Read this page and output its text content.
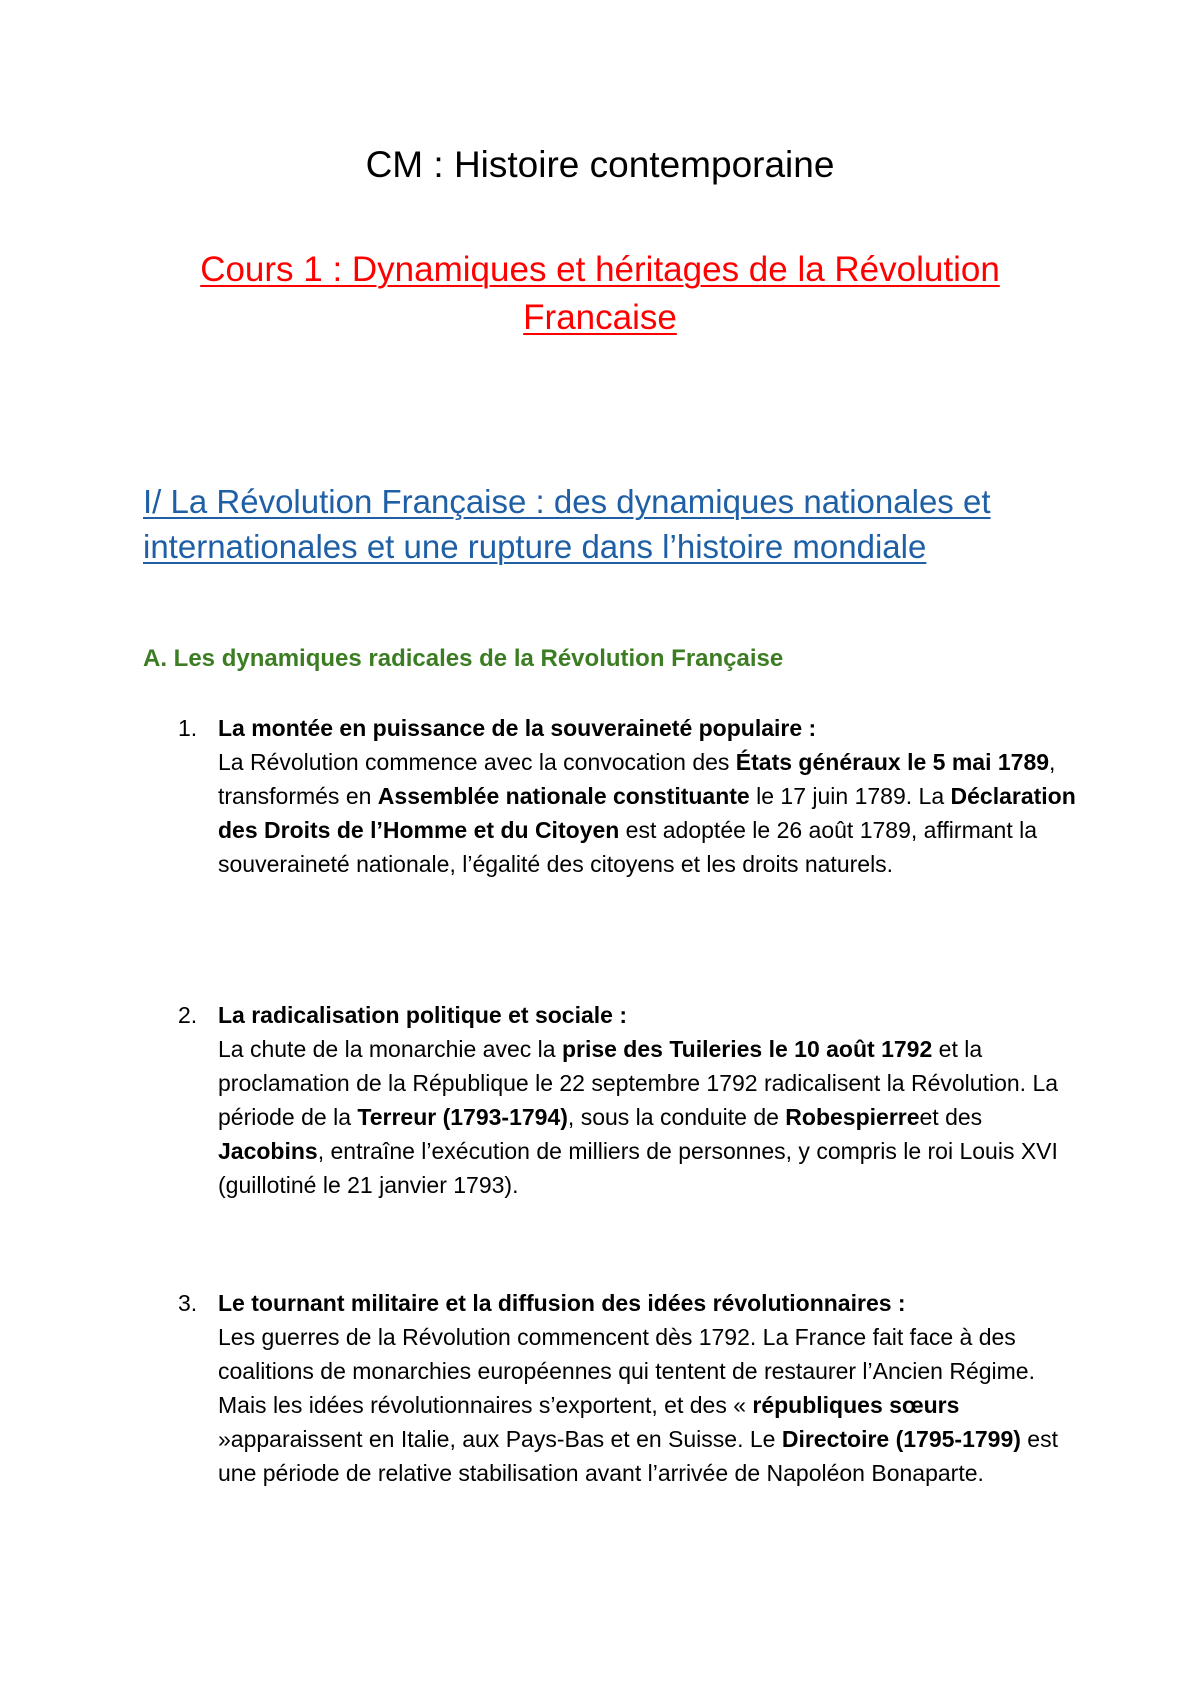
CM : Histoire contemporaine
Cours 1 : Dynamiques et héritages de la Révolution Francaise
I/ La Révolution Française : des dynamiques nationales et internationales et une rupture dans l’histoire mondiale
A. Les dynamiques radicales de la Révolution Française
1. La montée en puissance de la souveraineté populaire :
La Révolution commence avec la convocation des États généraux le 5 mai 1789, transformés en Assemblée nationale constituante le 17 juin 1789. La Déclaration des Droits de l’Homme et du Citoyen est adoptée le 26 août 1789, affirmant la souveraineté nationale, l’égalité des citoyens et les droits naturels.
2. La radicalisation politique et sociale :
La chute de la monarchie avec la prise des Tuileries le 10 août 1792 et la proclamation de la République le 22 septembre 1792 radicalisent la Révolution. La période de la Terreur (1793-1794), sous la conduite de Robespierreet des Jacobins, entraîne l’exécution de milliers de personnes, y compris le roi Louis XVI (guillotiné le 21 janvier 1793).
3. Le tournant militaire et la diffusion des idées révolutionnaires :
Les guerres de la Révolution commencent dès 1792. La France fait face à des coalitions de monarchies européennes qui tentent de restaurer l’Ancien Régime. Mais les idées révolutionnaires s’exportent, et des « républiques sœurs »apparaissent en Italie, aux Pays-Bas et en Suisse. Le Directoire (1795-1799) est une période de relative stabilisation avant l’arrivée de Napoléon Bonaparte.
